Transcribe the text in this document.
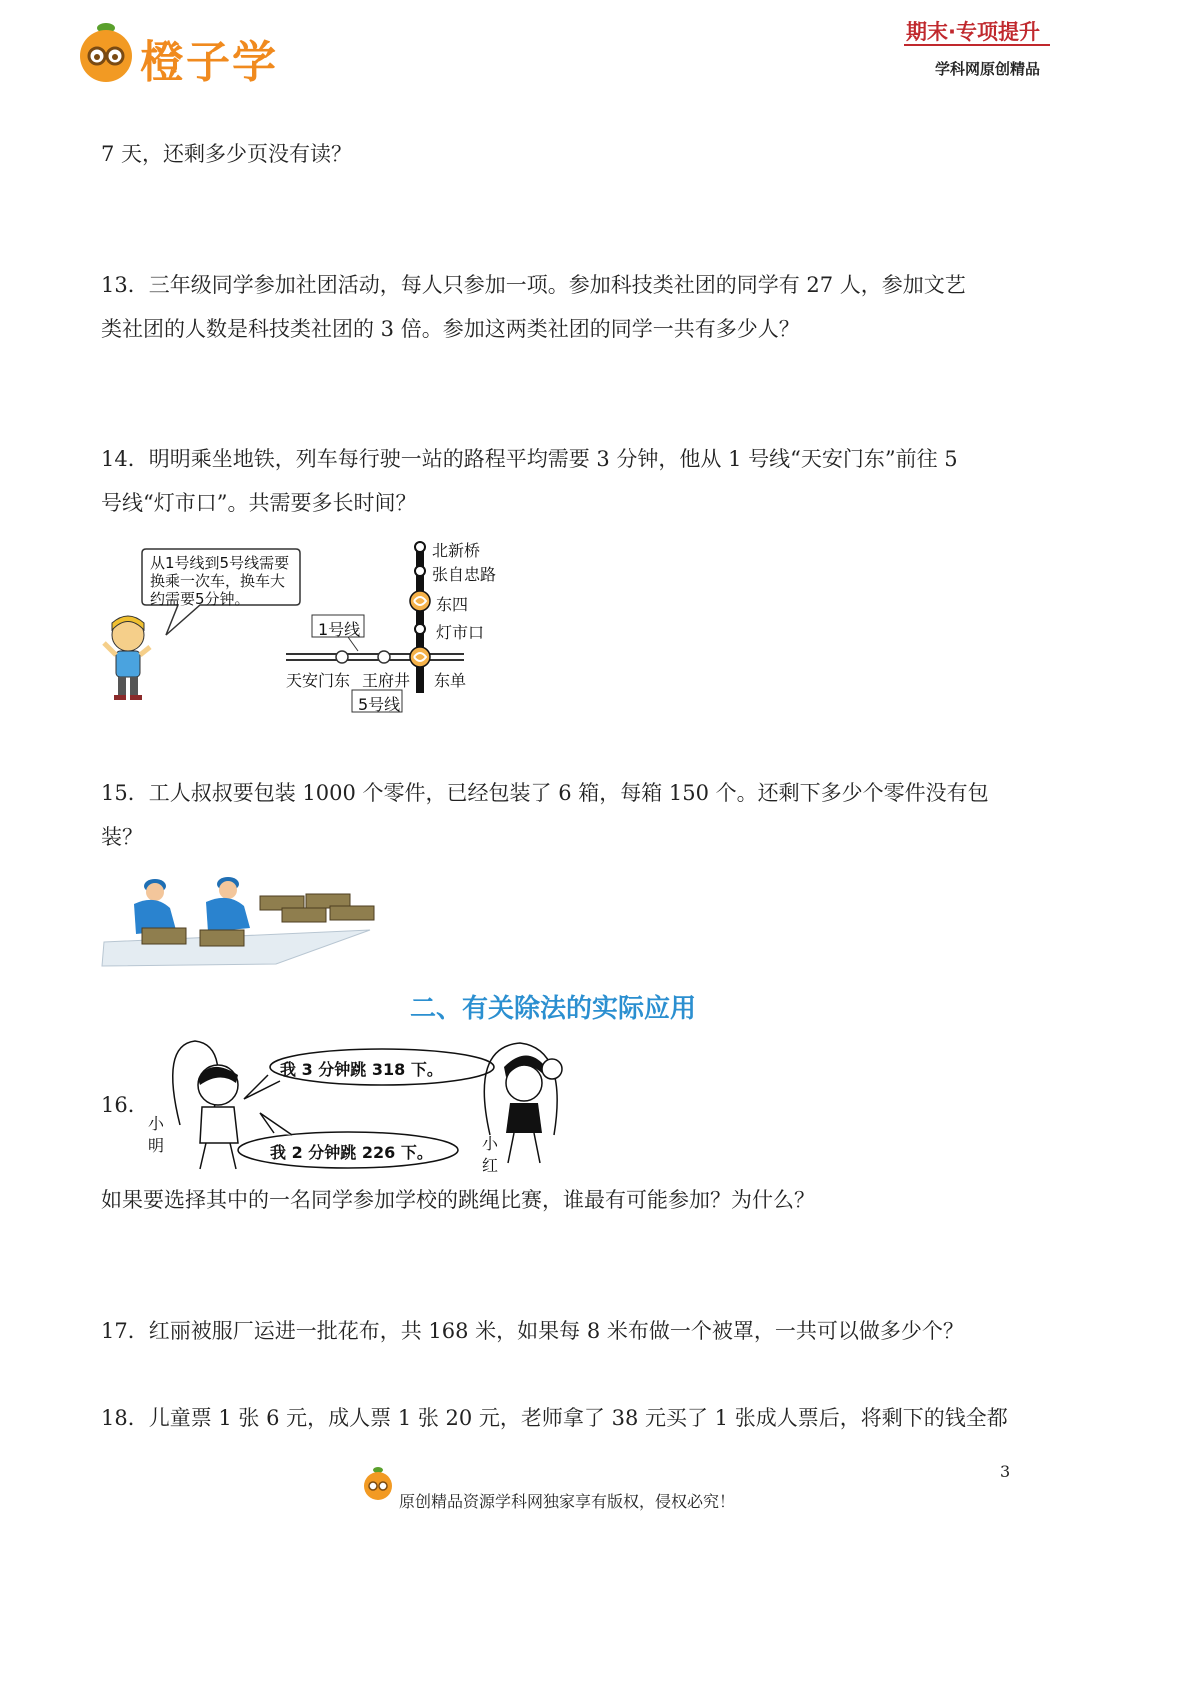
橙子学
期末·专项提升
学科网原创精品
7 天，还剩多少页没有读？
13．三年级同学参加社团活动，每人只参加一项。参加科技类社团的同学有 27 人，参加文艺
类社团的人数是科技类社团的 3 倍。参加这两类社团的同学一共有多少人？
14．明明乘坐地铁，列车每行驶一站的路程平均需要 3 分钟，他从 1 号线“天安门东”前往 5
号线“灯市口”。共需要多长时间？
从1号线到5号线需要
换乘一次车，换车大
约需要5分钟。
北新桥
张自忠路
东四
灯市口
1号线
天安门东 王府井 东单
5号线
15．工人叔叔要包装 1000 个零件，已经包装了 6 箱，每箱 150 个。还剩下多少个零件没有包
装？
二、有关除法的实际应用
我 3 分钟跳 318 下。
我 2 分钟跳 226 下。
小
明	小
红
16．
如果要选择其中的一名同学参加学校的跳绳比赛，谁最有可能参加？为什么？
17．红丽被服厂运进一批花布，共 168 米，如果每 8 米布做一个被罩，一共可以做多少个？
18．儿童票 1 张 6 元，成人票 1 张 20 元，老师拿了 38 元买了 1 张成人票后，将剩下的钱全都
3
原创精品资源学科网独家享有版权，侵权必究！
